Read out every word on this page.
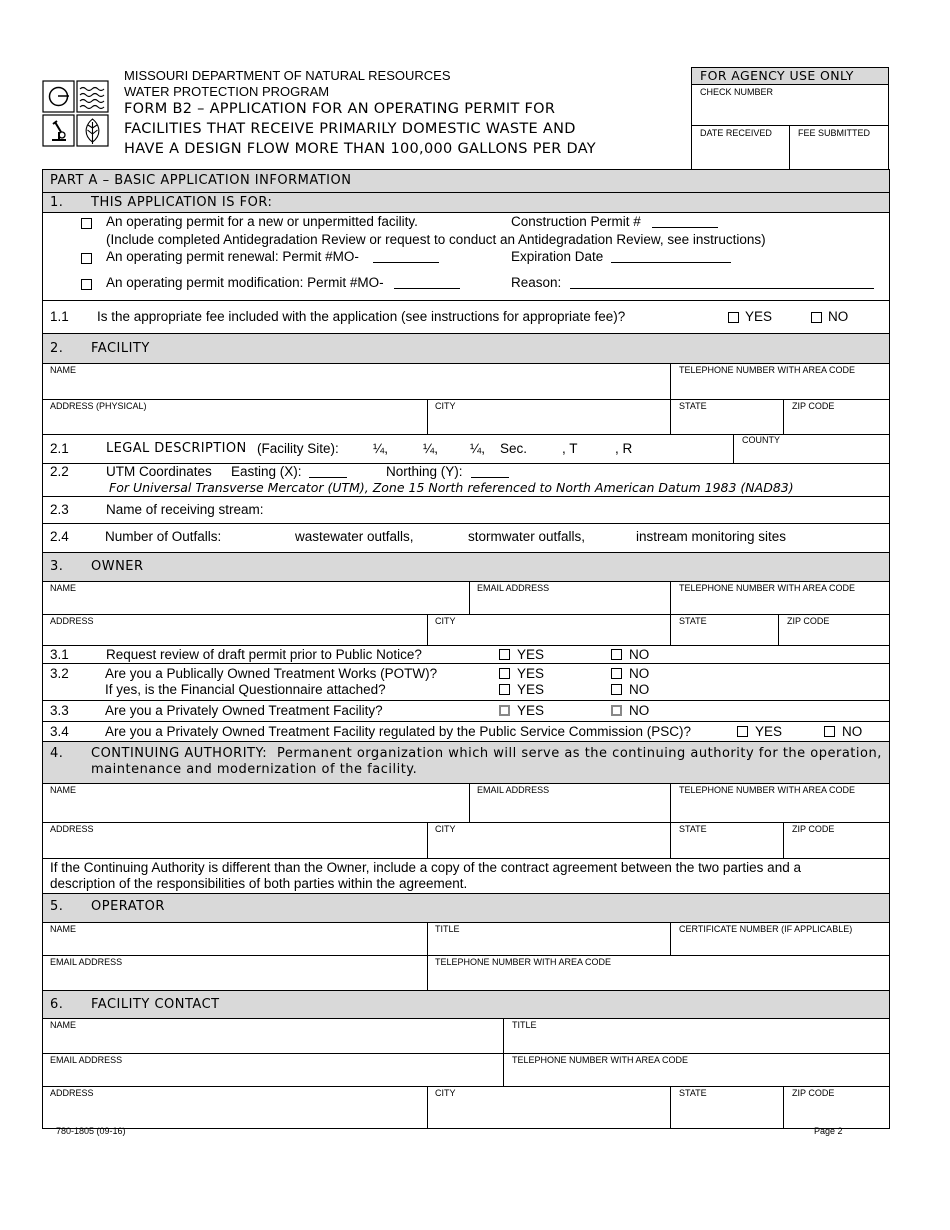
MISSOURI DEPARTMENT OF NATURAL RESOURCES
WATER PROTECTION PROGRAM
FORM B2 – APPLICATION FOR AN OPERATING PERMIT FOR
FACILITIES THAT RECEIVE PRIMARILY DOMESTIC WASTE AND
HAVE A DESIGN FLOW MORE THAN 100,000 GALLONS PER DAY
FOR AGENCY USE ONLY
CHECK NUMBER
DATE RECEIVED	FEE SUBMITTED
PART A – BASIC APPLICATION INFORMATION
1. THIS APPLICATION IS FOR:
An operating permit for a new or unpermitted facility.	Construction Permit #
(Include completed Antidegradation Review or request to conduct an Antidegradation Review, see instructions)
An operating permit renewal: Permit #MO-	Expiration Date
An operating permit modification: Permit #MO-	Reason:
1.1 Is the appropriate fee included with the application (see instructions for appropriate fee)?	YES	NO
2. FACILITY
NAME	TELEPHONE NUMBER WITH AREA CODE
ADDRESS (PHYSICAL)	CITY	STATE	ZIP CODE
2.1	LEGAL DESCRIPTION (Facility Site):	¼,	¼, ¼, Sec.	, T	, R
COUNTY
2.2	UTM Coordinates Easting (X):	Northing (Y):
For Universal Transverse Mercator (UTM), Zone 15 North referenced to North American Datum 1983 (NAD83)
2.3	Name of receiving stream:
2.4	Number of Outfalls:	wastewater outfalls,	stormwater outfalls,	instream monitoring sites
3. OWNER
NAME	EMAIL ADDRESS	TELEPHONE NUMBER WITH AREA CODE
ADDRESS	CITY	STATE	ZIP CODE
3.1	Request review of draft permit prior to Public Notice?	YES	NO
3.2	Are you a Publically Owned Treatment Works (POTW)?	YES	NO
If yes, is the Financial Questionnaire attached?	YES	NO
3.3	Are you a Privately Owned Treatment Facility?	YES	NO
3.4	Are you a Privately Owned Treatment Facility regulated by the Public Service Commission (PSC)?	YES	NO
4. CONTINUING AUTHORITY: Permanent organization which will serve as the continuing authority for the operation,
maintenance and modernization of the facility.
NAME	EMAIL ADDRESS	TELEPHONE NUMBER WITH AREA CODE
ADDRESS	CITY	STATE	ZIP CODE
If the Continuing Authority is different than the Owner, include a copy of the contract agreement between the two parties and a
description of the responsibilities of both parties within the agreement.
5. OPERATOR
NAME	TITLE	CERTIFICATE NUMBER (IF APPLICABLE)
EMAIL ADDRESS	TELEPHONE NUMBER WITH AREA CODE
6. FACILITY CONTACT
NAME	TITLE
EMAIL ADDRESS	TELEPHONE NUMBER WITH AREA CODE
ADDRESS	CITY	STATE	ZIP CODE
780-1805 (09-16)	Page 2
